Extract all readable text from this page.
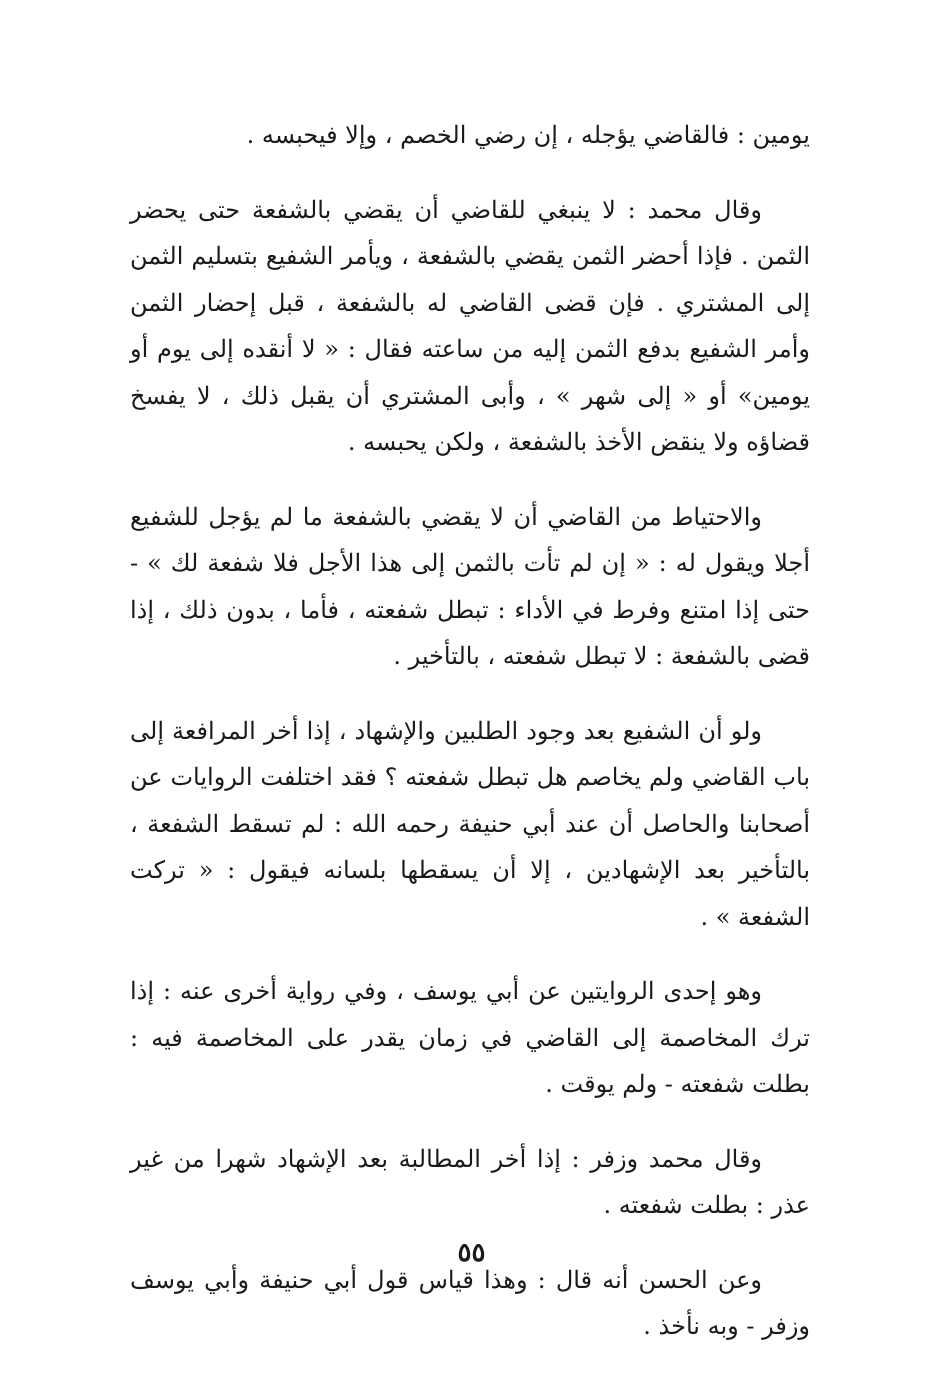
يومين : فالقاضي يؤجله ، إن رضي الخصم ، وإلا فيحبسه .

وقال محمد : لا ينبغي للقاضي أن يقضي بالشفعة حتى يحضر الثمن . فإذا أحضر الثمن يقضي بالشفعة ، ويأمر الشفيع بتسليم الثمن إلى المشتري . فإن قضى القاضي له بالشفعة ، قبل إحضار الثمن وأمر الشفيع بدفع الثمن إليه من ساعته فقال : « لا أنقده إلى يوم أو يومين» أو « إلى شهر » ، وأبى المشتري أن يقبل ذلك ، لا يفسخ قضاؤه ولا ينقض الأخذ بالشفعة ، ولكن يحبسه .

والاحتياط من القاضي أن لا يقضي بالشفعة ما لم يؤجل للشفيع أجلا ويقول له : « إن لم تأت بالثمن إلى هذا الأجل فلا شفعة لك » - حتى إذا امتنع وفرط في الأداء : تبطل شفعته ، فأما ، بدون ذلك ، إذا قضى بالشفعة : لا تبطل شفعته ، بالتأخير .

ولو أن الشفيع بعد وجود الطلبين والإشهاد ، إذا أخر المرافعة إلى باب القاضي ولم يخاصم هل تبطل شفعته ؟ فقد اختلفت الروايات عن أصحابنا والحاصل أن عند أبي حنيفة رحمه الله : لم تسقط الشفعة ، بالتأخير بعد الإشهادين ، إلا أن يسقطها بلسانه فيقول : « تركت الشفعة » .

وهو إحدى الروايتين عن أبي يوسف ، وفي رواية أخرى عنه : إذا ترك المخاصمة إلى القاضي في زمان يقدر على المخاصمة فيه : بطلت شفعته - ولم يوقت .

وقال محمد وزفر : إذا أخر المطالبة بعد الإشهاد شهرا من غير عذر : بطلت شفعته .

وعن الحسن أنه قال : وهذا قياس قول أبي حنيفة وأبي يوسف وزفر - وبه نأخذ .

٥٥
